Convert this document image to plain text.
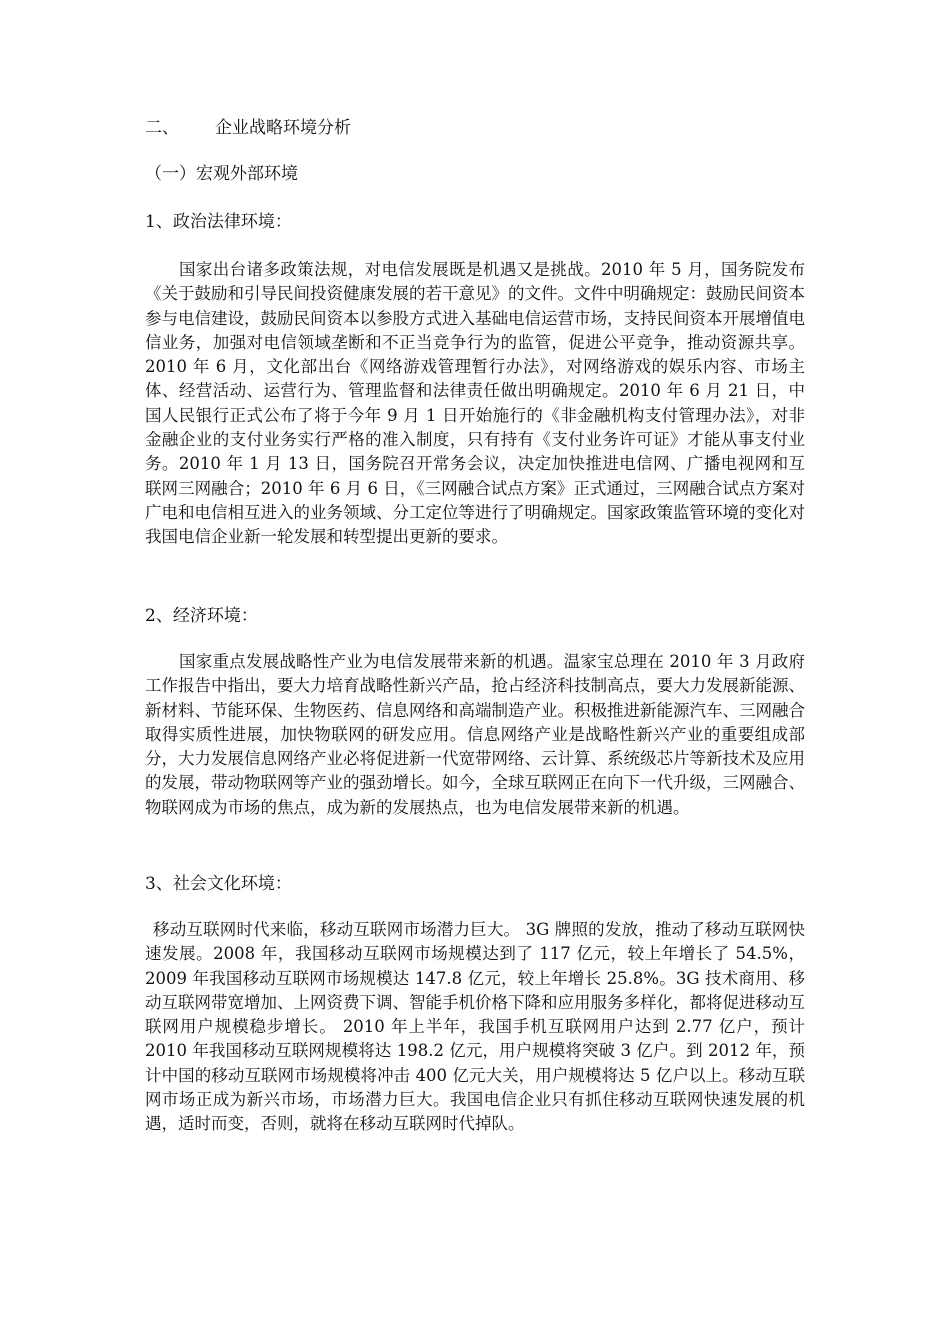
二、 企业战略环境分析
（一）宏观外部环境
1、政治法律环境：

国家出台诸多政策法规，对电信发展既是机遇又是挑战。2010 年 5 月，国务院发布《关于鼓励和引导民间投资健康发展的若干意见》的文件。文件中明确规定：鼓励民间资本参与电信建设，鼓励民间资本以参股方式进入基础电信运营市场，支持民间资本开展增值电信业务，加强对电信领域垄断和不正当竞争行为的监管，促进公平竞争，推动资源共享。2010 年 6 月，文化部出台《网络游戏管理暂行办法》，对网络游戏的娱乐内容、市场主体、经营活动、运营行为、管理监督和法律责任做出明确规定。2010 年 6 月 21 日，中国人民银行正式公布了将于今年 9 月 1 日开始施行的《非金融机构支付管理办法》，对非金融企业的支付业务实行严格的准入制度，只有持有《支付业务许可证》才能从事支付业务。2010 年 1 月 13 日，国务院召开常务会议，决定加快推进电信网、广播电视网和互联网三网融合；2010 年 6 月 6 日，《三网融合试点方案》正式通过，三网融合试点方案对广电和电信相互进入的业务领域、分工定位等进行了明确规定。国家政策监管环境的变化对我国电信企业新一轮发展和转型提出更新的要求。

2、经济环境：

国家重点发展战略性产业为电信发展带来新的机遇。温家宝总理在 2010 年 3 月政府工作报告中指出，要大力培育战略性新兴产品，抢占经济科技制高点，要大力发展新能源、新材料、节能环保、生物医药、信息网络和高端制造产业。积极推进新能源汽车、三网融合取得实质性进展，加快物联网的研发应用。信息网络产业是战略性新兴产业的重要组成部分，大力发展信息网络产业必将促进新一代宽带网络、云计算、系统级芯片等新技术及应用的发展，带动物联网等产业的强劲增长。如今，全球互联网正在向下一代升级，三网融合、物联网成为市场的焦点，成为新的发展热点，也为电信发展带来新的机遇。

3、社会文化环境：

移动互联网时代来临，移动互联网市场潜力巨大。 3G 牌照的发放，推动了移动互联网快速发展。2008 年，我国移动互联网市场规模达到了 117 亿元，较上年增长了 54.5%，2009 年我国移动互联网市场规模达 147.8 亿元，较上年增长 25.8%。3G 技术商用、移动互联网带宽增加、上网资费下调、智能手机价格下降和应用服务多样化，都将促进移动互联网用户规模稳步增长。 2010 年上半年，我国手机互联网用户达到 2.77 亿户，预计 2010 年我国移动互联网规模将达 198.2 亿元，用户规模将突破 3 亿户。到 2012 年，预计中国的移动互联网市场规模将冲击 400 亿元大关，用户规模将达 5 亿户以上。移动互联网市场正成为新兴市场，市场潜力巨大。我国电信企业只有抓住移动互联网快速发展的机遇，适时而变，否则，就将在移动互联网时代掉队。
